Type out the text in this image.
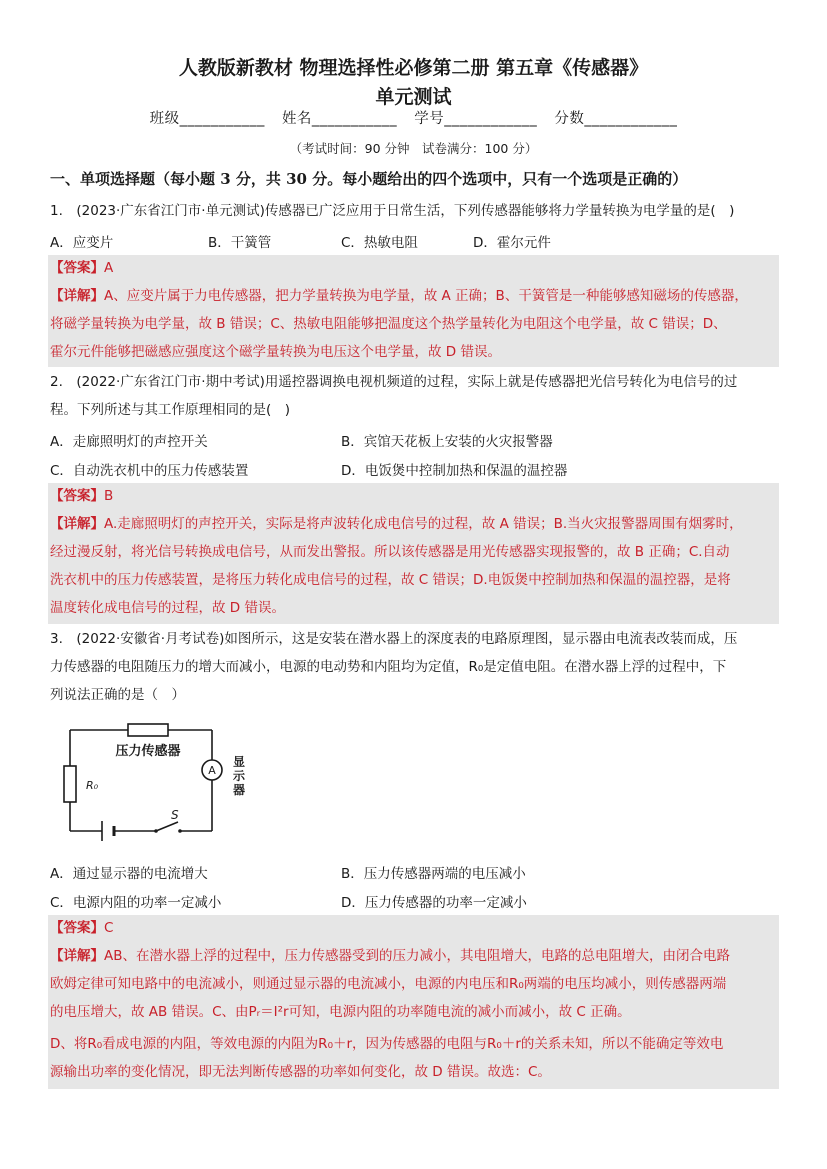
人教版新教材 物理选择性必修第二册 第五章《传感器》
单元测试
班级___________ 姓名___________ 学号____________ 分数____________
（考试时间：90 分钟　试卷满分：100 分）
一、单项选择题（每小题 3 分，共 30 分。每小题给出的四个选项中，只有一个选项是正确的）
1.　(2023·广东省江门市·单元测试)传感器已广泛应用于日常生活，下列传感器能够将力学量转换为电学量的是(　)
A．应变片	B．干簧管	C．热敏电阻	D．霍尔元件
【答案】A
【详解】A、应变片属于力电传感器，把力学量转换为电学量，故 A 正确；B、干簧管是一种能够感知磁场的传感器，
将磁学量转换为电学量，故 B 错误；C、热敏电阻能够把温度这个热学量转化为电阻这个电学量，故 C 错误；D、
霍尔元件能够把磁感应强度这个磁学量转换为电压这个电学量，故 D 错误。
2.　(2022·广东省江门市·期中考试)用遥控器调换电视机频道的过程，实际上就是传感器把光信号转化为电信号的过
程。下列所述与其工作原理相同的是(　)
A．走廊照明灯的声控开关	B．宾馆天花板上安装的火灾报警器
C．自动洗衣机中的压力传感装置	D．电饭煲中控制加热和保温的温控器
【答案】B
【详解】A.走廊照明灯的声控开关，实际是将声波转化成电信号的过程，故 A 错误；B.当火灾报警器周围有烟雾时，
经过漫反射，将光信号转换成电信号，从而发出警报。所以该传感器是用光传感器实现报警的，故 B 正确；C.自动
洗衣机中的压力传感装置，是将压力转化成电信号的过程，故 C 错误；D.电饭煲中控制加热和保温的温控器，是将
温度转化成电信号的过程，故 D 错误。
3.　(2022·安徽省·月考试卷)如图所示，这是安装在潜水器上的深度表的电路原理图，显示器由电流表改装而成，压
力传感器的电阻随压力的增大而减小，电源的电动势和内阻均为定值，R₀是定值电阻。在潜水器上浮的过程中，下
列说法正确的是（　）
压力传感器
R₀
A
S
显示器
A．通过显示器的电流增大	B．压力传感器两端的电压减小
C．电源内阻的功率一定减小	D．压力传感器的功率一定减小
【答案】C
【详解】AB、在潜水器上浮的过程中，压力传感器受到的压力减小，其电阻增大，电路的总电阻增大，由闭合电路
欧姆定律可知电路中的电流减小，则通过显示器的电流减小，电源的内电压和R₀两端的电压均减小，则传感器两端
的电压增大，故 AB 错误。C、由Pᵣ＝I²r可知，电源内阻的功率随电流的减小而减小，故 C 正确。
D、将R₀看成电源的内阻，等效电源的内阻为R₀＋r，因为传感器的电阻与R₀＋r的关系未知，所以不能确定等效电
源输出功率的变化情况，即无法判断传感器的功率如何变化，故 D 错误。故选：C。
